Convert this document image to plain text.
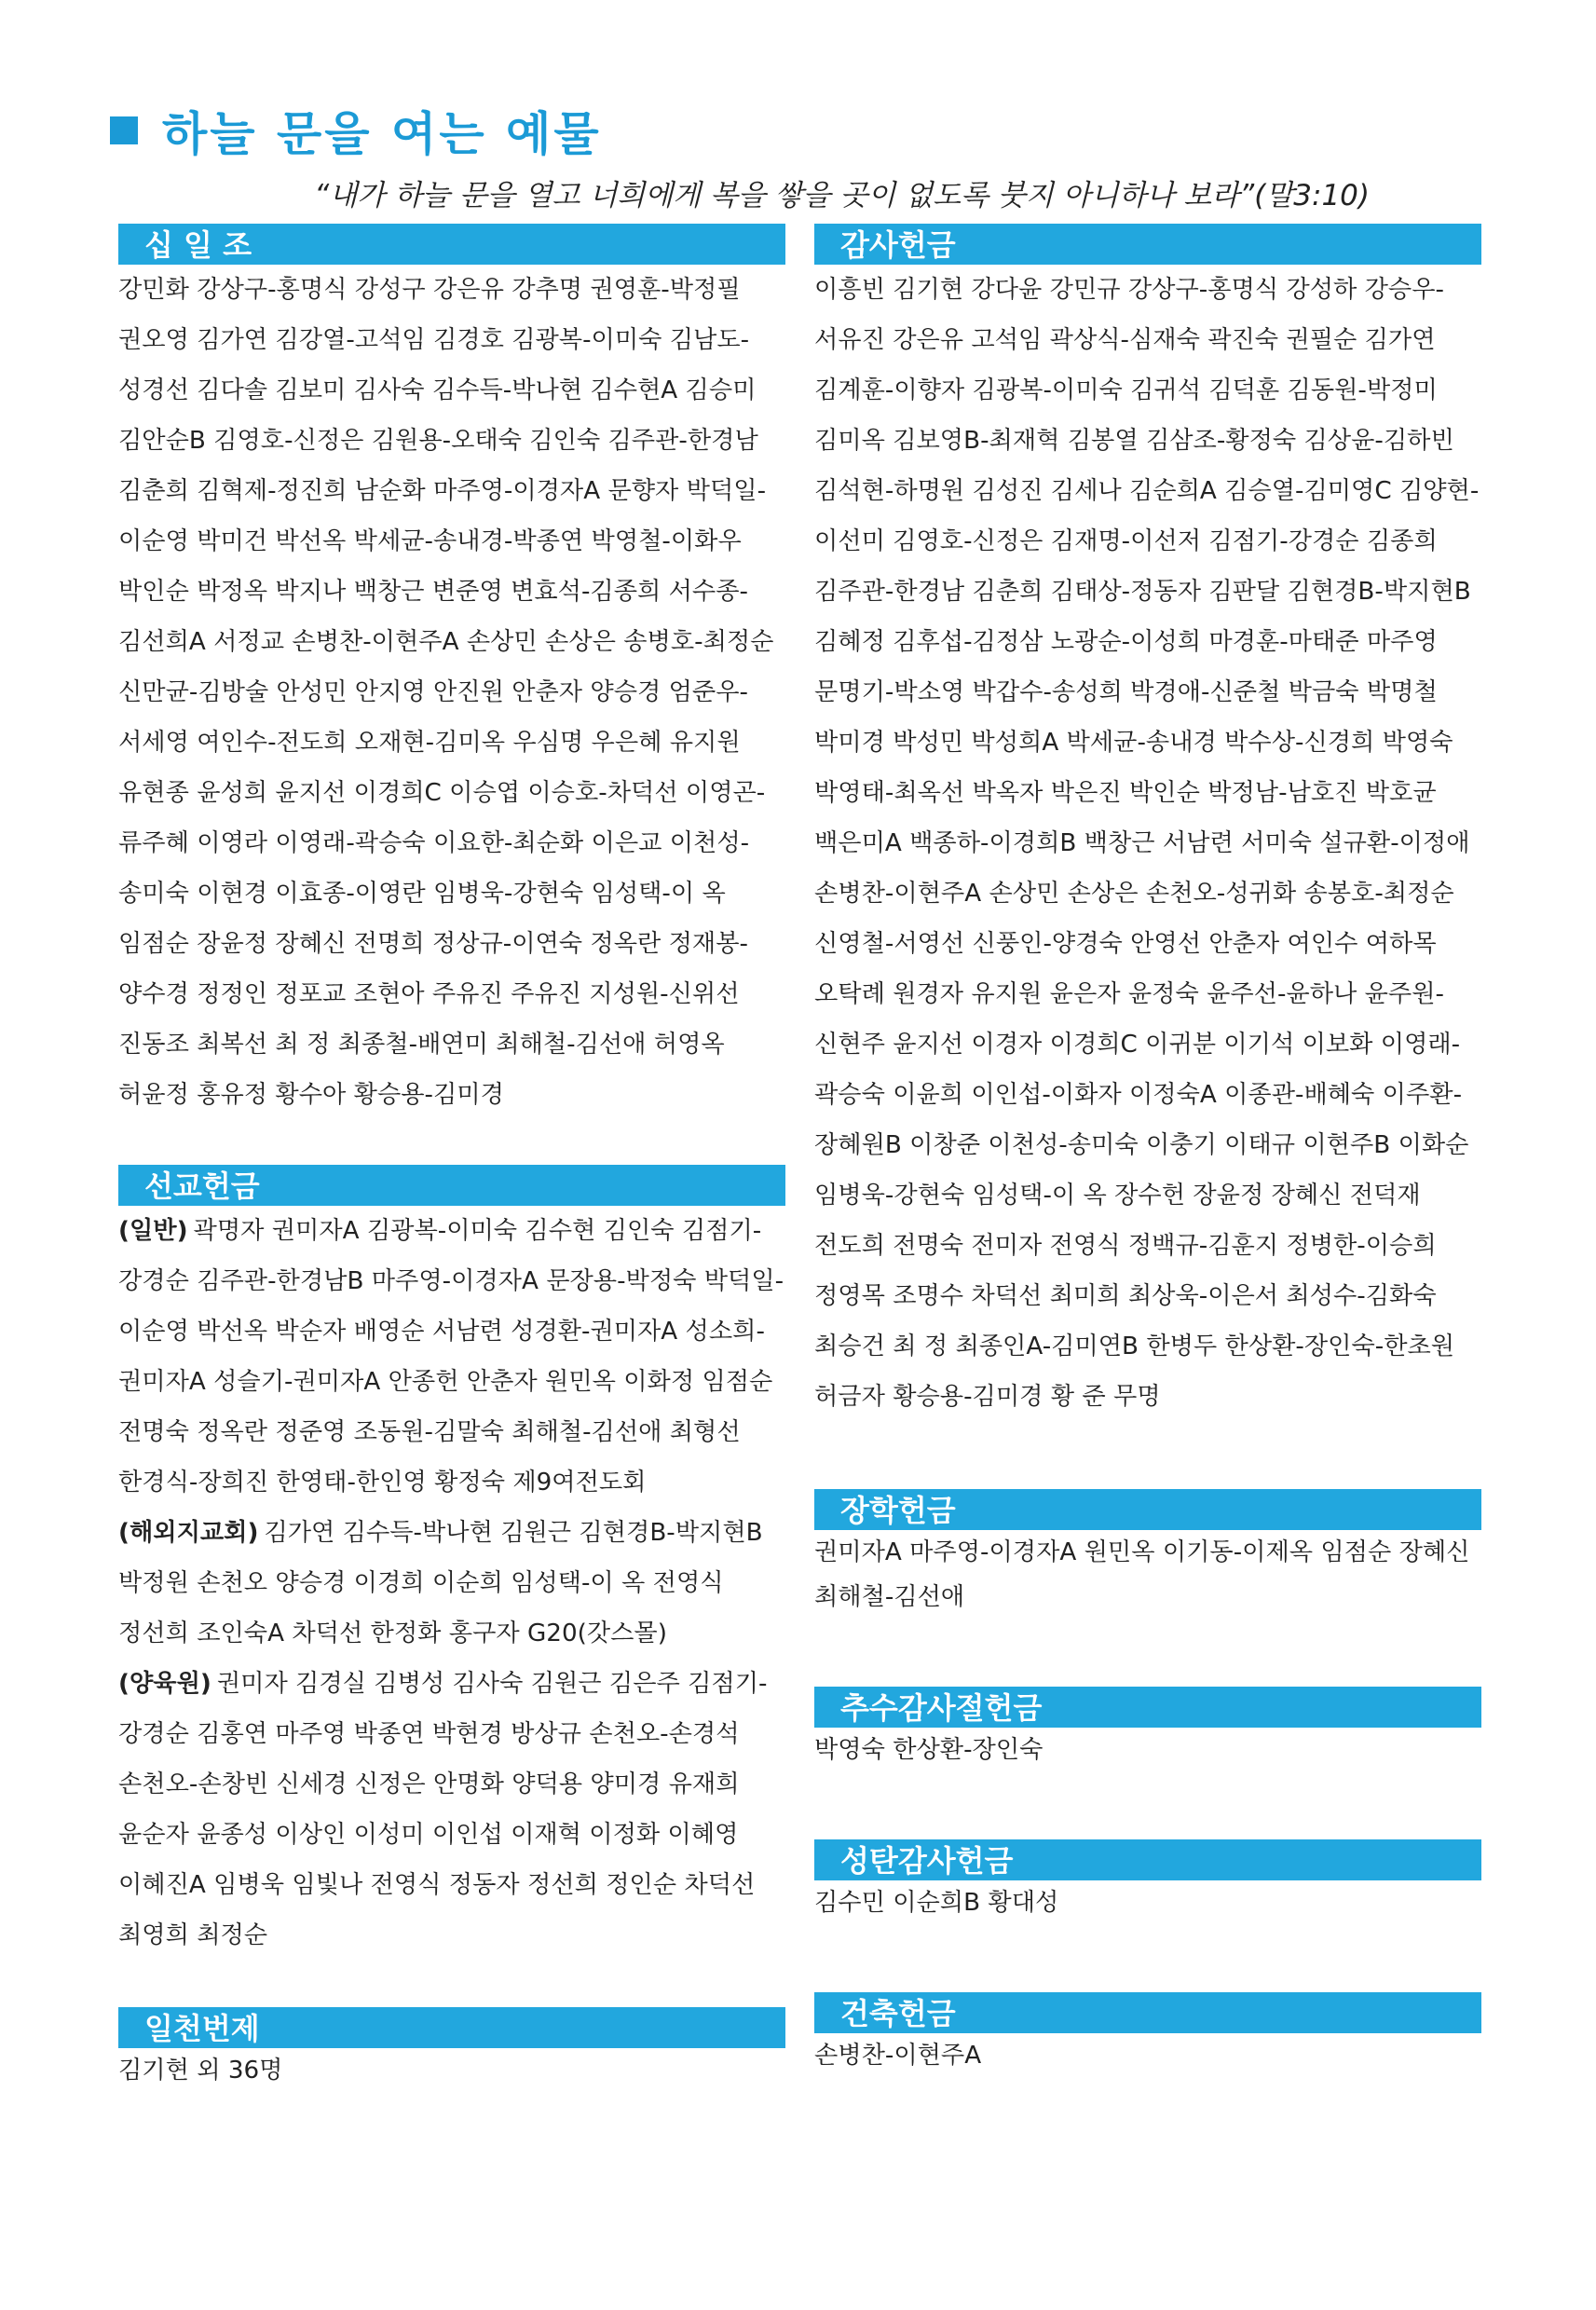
하늘 문을 여는 예물
“내가 하늘 문을 열고 너희에게 복을 쌓을 곳이 없도록 붓지 아니하나 보라”(말3:10)
십 일 조
강민화 강상구-홍명식 강성구 강은유 강추명 권영훈-박정필
권오영 김가연 김강열-고석임 김경호 김광복-이미숙 김남도-
성경선 김다솔 김보미 김사숙 김수득-박나현 김수현A 김승미
김안순B 김영호-신정은 김원용-오태숙 김인숙 김주관-한경남
김춘희 김혁제-정진희 남순화 마주영-이경자A 문향자 박덕일-
이순영 박미건 박선옥 박세균-송내경-박종연 박영철-이화우
박인순 박정옥 박지나 백창근 변준영 변효석-김종희 서수종-
김선희A 서정교 손병찬-이현주A 손상민 손상은 송병호-최정순
신만균-김방술 안성민 안지영 안진원 안춘자 양승경 엄준우-
서세영 여인수-전도희 오재현-김미옥 우심명 우은혜 유지원
유현종 윤성희 윤지선 이경희C 이승엽 이승호-차덕선 이영곤-
류주혜 이영라 이영래-곽승숙 이요한-최순화 이은교 이천성-
송미숙 이현경 이효종-이영란 임병욱-강현숙 임성택-이 옥
임점순 장윤정 장혜신 전명희 정상규-이연숙 정옥란 정재봉-
양수경 정정인 정포교 조현아 주유진 주유진 지성원-신위선
진동조 최복선 최 정 최종철-배연미 최해철-김선애 허영옥
허윤정 홍유정 황수아 황승용-김미경
선교헌금
(일반) 곽명자 권미자A 김광복-이미숙 김수현 김인숙 김점기-
강경순 김주관-한경남B 마주영-이경자A 문장용-박정숙 박덕일-
이순영 박선옥 박순자 배영순 서남련 성경환-권미자A 성소희-
권미자A 성슬기-권미자A 안종헌 안춘자 원민옥 이화정 임점순
전명숙 정옥란 정준영 조동원-김말숙 최해철-김선애 최형선
한경식-장희진 한영태-한인영 황정숙 제9여전도회
(해외지교회) 김가연 김수득-박나현 김원근 김현경B-박지현B
박정원 손천오 양승경 이경희 이순희 임성택-이 옥 전영식
정선희 조인숙A 차덕선 한정화 홍구자 G20(갓스몰)
(양육원) 권미자 김경실 김병성 김사숙 김원근 김은주 김점기-
강경순 김홍연 마주영 박종연 박현경 방상규 손천오-손경석
손천오-손창빈 신세경 신정은 안명화 양덕용 양미경 유재희
윤순자 윤종성 이상인 이성미 이인섭 이재혁 이정화 이혜영
이혜진A 임병욱 임빛나 전영식 정동자 정선희 정인순 차덕선
최영희 최정순
일천번제
김기현 외 36명
감사헌금
이흥빈 김기현 강다윤 강민규 강상구-홍명식 강성하 강승우-
서유진 강은유 고석임 곽상식-심재숙 곽진숙 권필순 김가연
김계훈-이향자 김광복-이미숙 김귀석 김덕훈 김동원-박정미
김미옥 김보영B-최재혁 김봉열 김삼조-황정숙 김상윤-김하빈
김석현-하명원 김성진 김세나 김순희A 김승열-김미영C 김양현-
이선미 김영호-신정은 김재명-이선저 김점기-강경순 김종희
김주관-한경남 김춘희 김태상-정동자 김판달 김현경B-박지현B
김혜정 김후섭-김정삼 노광순-이성희 마경훈-마태준 마주영
문명기-박소영 박갑수-송성희 박경애-신준철 박금숙 박명철
박미경 박성민 박성희A 박세균-송내경 박수상-신경희 박영숙
박영태-최옥선 박옥자 박은진 박인순 박정남-남호진 박호균
백은미A 백종하-이경희B 백창근 서남련 서미숙 설규환-이정애
손병찬-이현주A 손상민 손상은 손천오-성귀화 송봉호-최정순
신영철-서영선 신풍인-양경숙 안영선 안춘자 여인수 여하목
오탁례 원경자 유지원 윤은자 윤정숙 윤주선-윤하나 윤주원-
신현주 윤지선 이경자 이경희C 이귀분 이기석 이보화 이영래-
곽승숙 이윤희 이인섭-이화자 이정숙A 이종관-배혜숙 이주환-
장혜원B 이창준 이천성-송미숙 이충기 이태규 이현주B 이화순
임병욱-강현숙 임성택-이 옥 장수헌 장윤정 장혜신 전덕재
전도희 전명숙 전미자 전영식 정백규-김훈지 정병한-이승희
정영목 조명수 차덕선 최미희 최상욱-이은서 최성수-김화숙
최승건 최 정 최종인A-김미연B 한병두 한상환-장인숙-한초원
허금자 황승용-김미경 황 준 무명
장학헌금
권미자A 마주영-이경자A 원민옥 이기동-이제옥 임점순 장혜신
최해철-김선애
추수감사절헌금
박영숙 한상환-장인숙
성탄감사헌금
김수민 이순희B 황대성
건축헌금
손병찬-이현주A
